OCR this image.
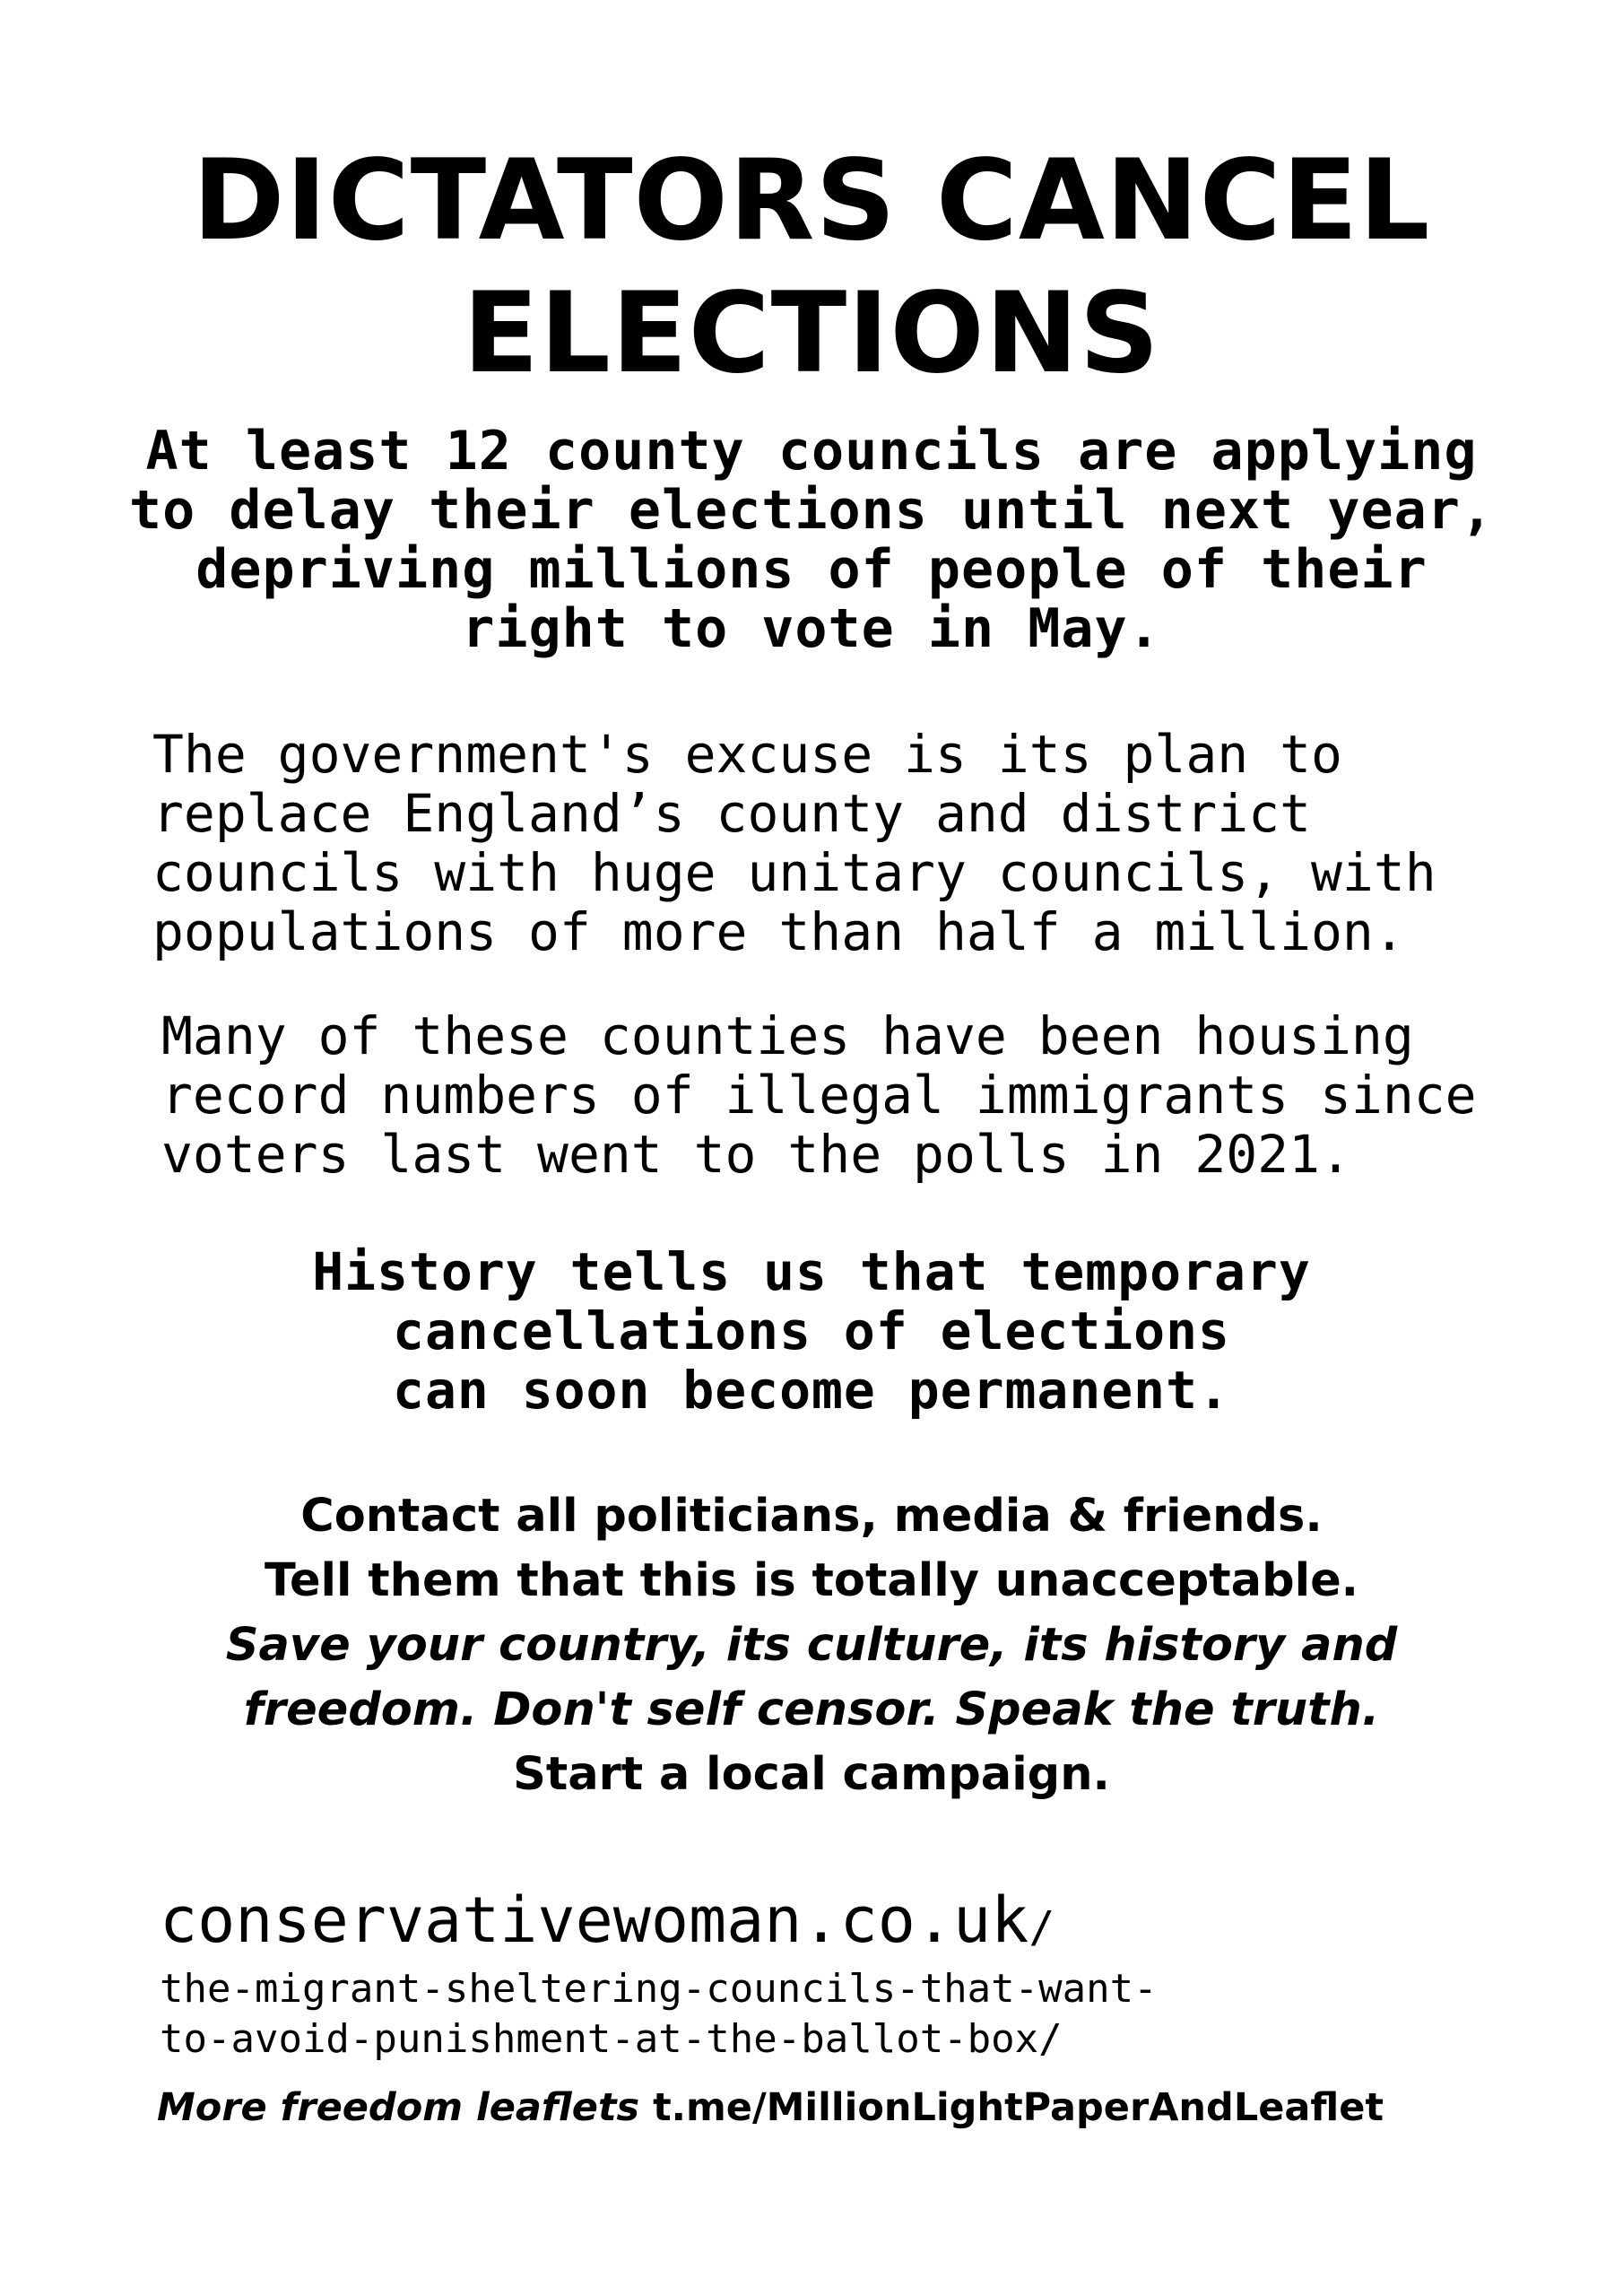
DICTATORS CANCEL
ELECTIONS
At least 12 county councils are applying
to delay their elections until next year,
depriving millions of people of their
right to vote in May.
The government's excuse is its plan to
replace England’s county and district
councils with huge unitary councils, with
populations of more than half a million.
Many of these counties have been housing
record numbers of illegal immigrants since
voters last went to the polls in 2021.
History tells us that temporary
cancellations of elections
can soon become permanent.
Contact all politicians, media & friends.
Tell them that this is totally unacceptable.
Save your country, its culture, its history and
freedom. Don't self censor. Speak the truth.
Start a local campaign.
conservativewoman.co.uk/
the-migrant-sheltering-councils-that-want-
to-avoid-punishment-at-the-ballot-box/
More freedom leaflets t.me/MillionLightPaperAndLeaflet
